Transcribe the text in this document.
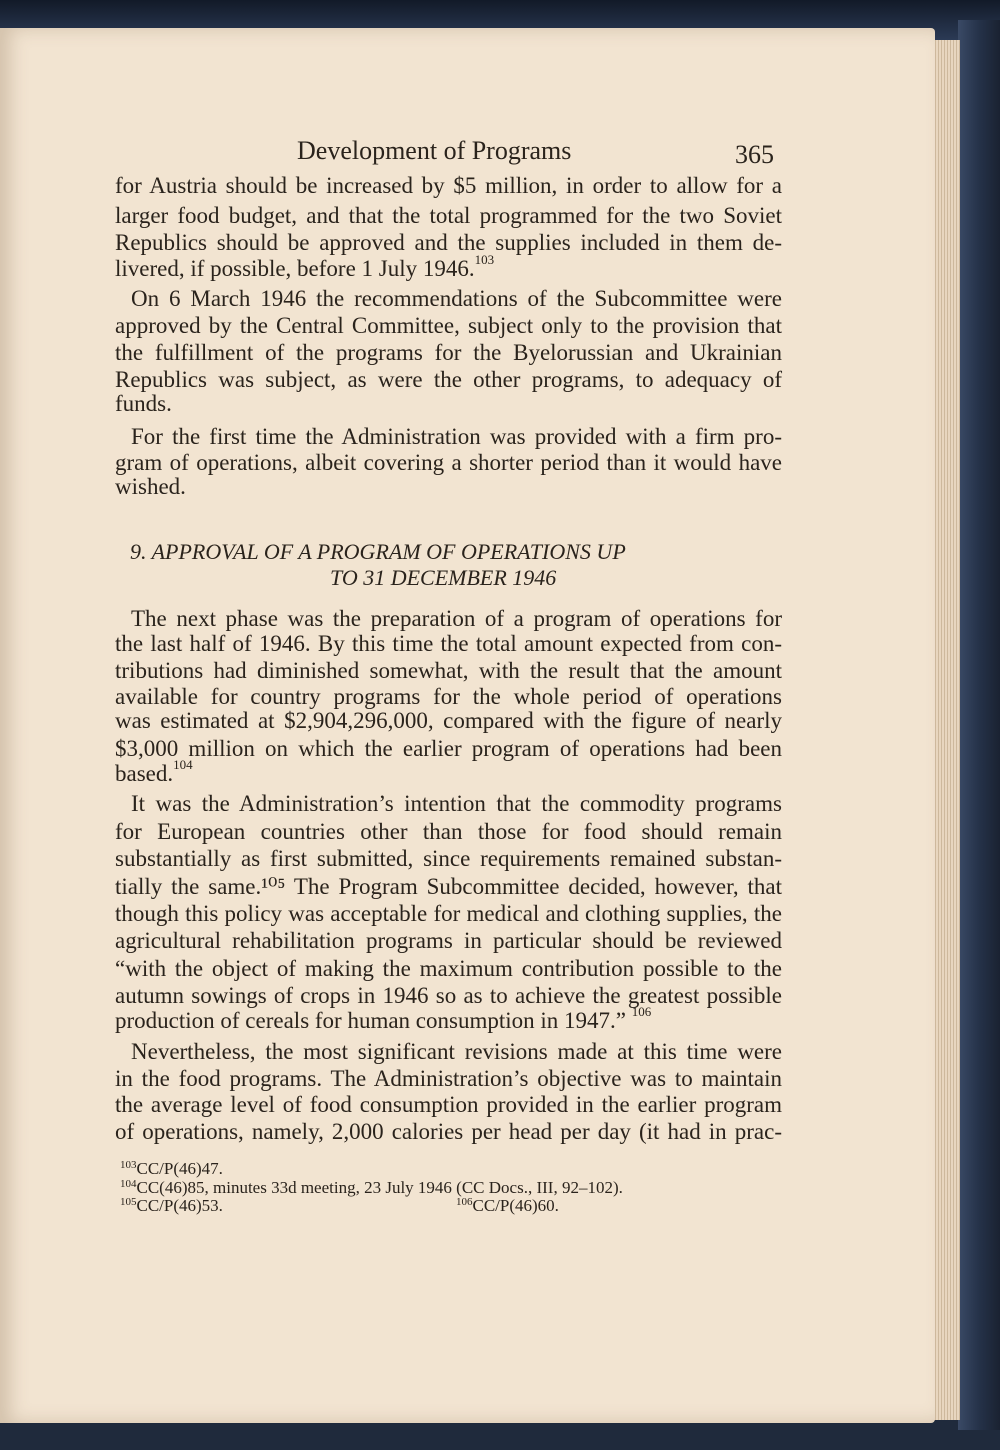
Development of Programs	365
9. APPROVAL OF A PROGRAM OF OPERATIONS UP
TO 31 DECEMBER 1946
for Austria should be increased by $5 million, in order to allow for a
larger food budget, and that the total programmed for the two Soviet
Republics should be approved and the supplies included in them de-
livered, if possible, before 1 July 1946.$^{103}$
On 6 March 1946 the recommendations of the Subcommittee were
approved by the Central Committee, subject only to the provision that
the fulfillment of the programs for the Byelorussian and Ukrainian
Republics was subject, as were the other programs, to adequacy of
funds.
For the first time the Administration was provided with a firm pro-
gram of operations, albeit covering a shorter period than it would have
wished.
The next phase was the preparation of a program of operations for
the last half of 1946. By this time the total amount expected from con-
tributions had diminished somewhat, with the result that the amount
available for country programs for the whole period of operations
was estimated at $2,904,296,000, compared with the figure of nearly
$3,000 million on which the earlier program of operations had been
based.$^{104}$
It was the Administration’s intention that the commodity programs
for European countries other than those for food should remain
substantially as first submitted, since requirements remained substan-
tially the same.¹⁰⁵ The Program Subcommittee decided, however, that
though this policy was acceptable for medical and clothing supplies, the
agricultural rehabilitation programs in particular should be reviewed
“with the object of making the maximum contribution possible to the
autumn sowings of crops in 1946 so as to achieve the greatest possible
production of cereals for human consumption in 1947.” $^{106}$
Nevertheless, the most significant revisions made at this time were
in the food programs. The Administration’s objective was to maintain
the average level of food consumption provided in the earlier program
of operations, namely, 2,000 calories per head per day (it had in prac-
$^{103}$CC/P(46)47.
$^{104}$CC(46)85, minutes 33d meeting, 23 July 1946 (CC Docs., III, 92–102).
$^{105}$CC/P(46)53.	$^{106}$CC/P(46)60.
